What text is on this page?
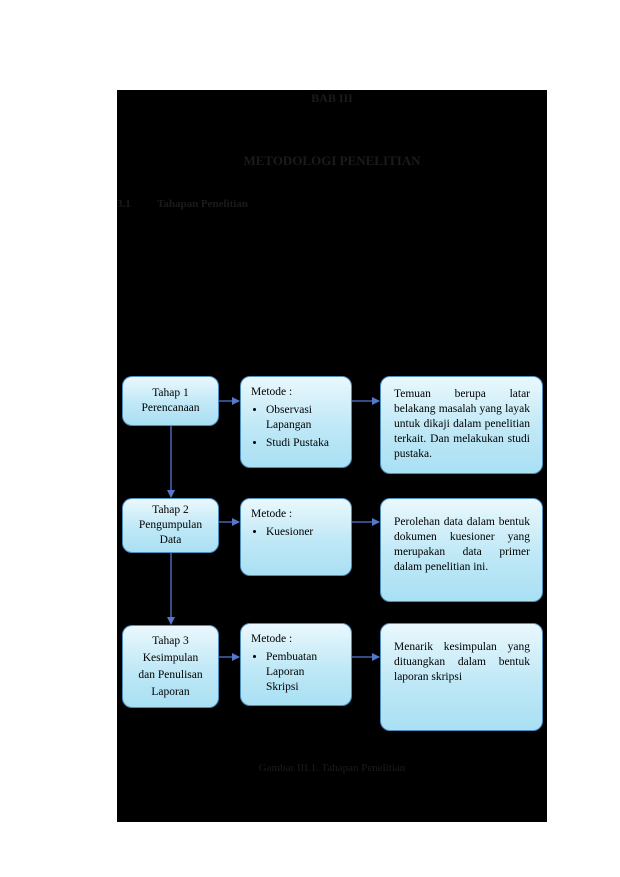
BAB III
METODOLOGI PENELITIAN
3.1 Tahapan Penelitian
Tahap 1
Perencanaan
Metode :
• Observasi
Lapangan
• Studi Pustaka
Temuan berupa latar belakang masalah yang layak untuk dikaji dalam penelitian terkait. Dan melakukan studi pustaka.
Tahap 2
Pengumpulan
Data
Metode :
• Kuesioner
Perolehan data dalam bentuk dokumen kuesioner yang merupakan data primer dalam penelitian ini.
Tahap 3
Kesimpulan
dan Penulisan
Laporan
Metode :
• Pembuatan
Laporan
Skripsi
Menarik kesimpulan yang dituangkan dalam bentuk laporan skripsi
Gambar III.1. Tahapan Penelitian
